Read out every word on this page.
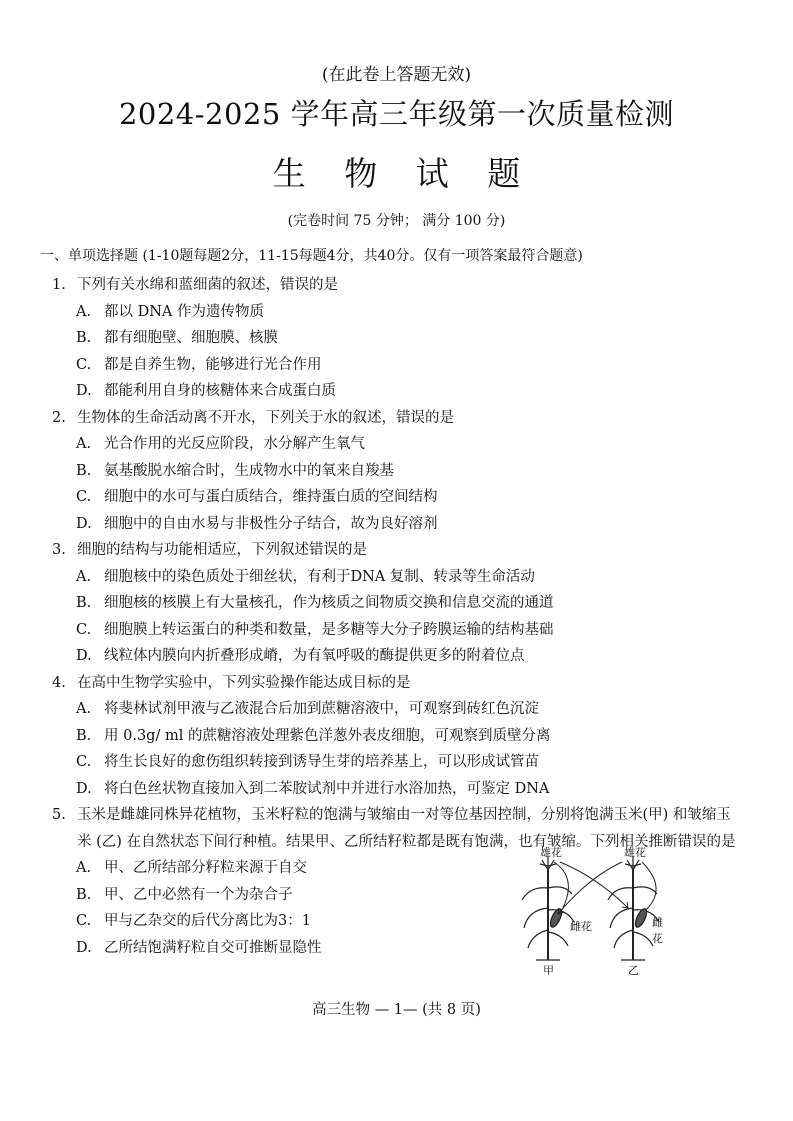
(在此卷上答题无效)
2024-2025 学年高三年级第一次质量检测
生 物 试 题
(完卷时间 75 分钟； 满分 100 分)
一、单项选择题 (1-10题每题2分，11-15每题4分，共40分。仅有一项答案最符合题意)
1. 下列有关水绵和蓝细菌的叙述，错误的是
A. 都以 DNA 作为遗传物质
B. 都有细胞壁、细胞膜、核膜
C. 都是自养生物，能够进行光合作用
D. 都能利用自身的核糖体来合成蛋白质
2. 生物体的生命活动离不开水，下列关于水的叙述，错误的是
A. 光合作用的光反应阶段，水分解产生氧气
B. 氨基酸脱水缩合时，生成物水中的氧来自羧基
C. 细胞中的水可与蛋白质结合，维持蛋白质的空间结构
D. 细胞中的自由水易与非极性分子结合，故为良好溶剂
3. 细胞的结构与功能相适应，下列叙述错误的是
A. 细胞核中的染色质处于细丝状，有利于DNA 复制、转录等生命活动
B. 细胞核的核膜上有大量核孔，作为核质之间物质交换和信息交流的通道
C. 细胞膜上转运蛋白的种类和数量，是多糖等大分子跨膜运输的结构基础
D. 线粒体内膜向内折叠形成嵴，为有氧呼吸的酶提供更多的附着位点
4. 在高中生物学实验中，下列实验操作能达成目标的是
A. 将斐林试剂甲液与乙液混合后加到蔗糖溶液中，可观察到砖红色沉淀
B. 用 0.3g/ ml 的蔗糖溶液处理紫色洋葱外表皮细胞，可观察到质壁分离
C. 将生长良好的愈伤组织转接到诱导生芽的培养基上，可以形成试管苗
D. 将白色丝状物直接加入到二苯胺试剂中并进行水浴加热，可鉴定 DNA
5. 玉米是雌雄同株异花植物，玉米籽粒的饱满与皱缩由一对等位基因控制，分别将饱满玉米(甲) 和皱缩玉米 (乙) 在自然状态下间行种植。结果甲、乙所结籽粒都是既有饱满，也有皱缩。下列相关推断错误的是
A. 甲、乙所结部分籽粒来源于自交
B. 甲、乙中必然有一个为杂合子
C. 甲与乙杂交的后代分离比为3：1
D. 乙所结饱满籽粒自交可推断显隐性
雄花	雄花
雌花	雌花
甲	乙
高三生物 — 1— (共 8 页)
